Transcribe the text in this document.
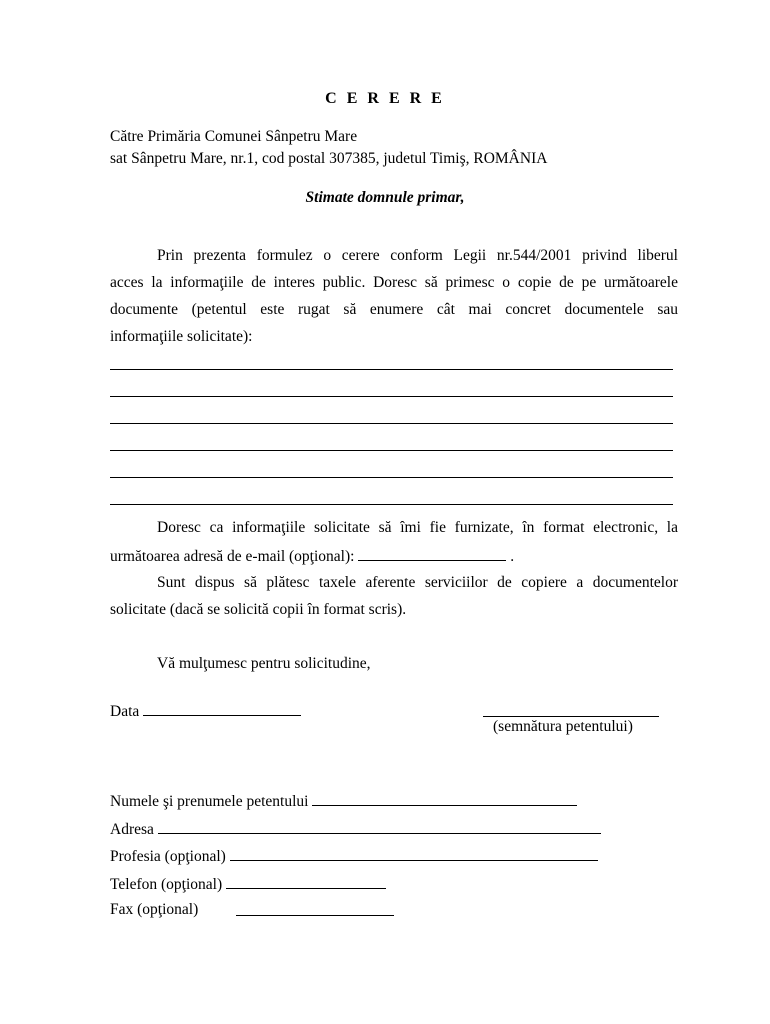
C E R E R E
Către Primăria Comunei Sânpetru Mare
sat Sânpetru Mare, nr.1, cod postal 307385, judetul Timiş, ROMÂNIA
Stimate domnule primar,
Prin prezenta formulez o cerere conform Legii nr.544/2001 privind liberul
acces la informaţiile de interes public. Doresc să primesc o copie de pe următoarele
documente (petentul este rugat să enumere cât mai concret documentele sau
informaţiile solicitate):
Doresc ca informaţiile solicitate să îmi fie furnizate, în format electronic, la
următoarea adresă de e-mail (opţional):	.
Sunt dispus să plătesc taxele aferente serviciilor de copiere a documentelor
solicitate (dacă se solicită copii în format scris).
Vă mulţumesc pentru solicitudine,
Data
(semnătura petentului)
Numele şi prenumele petentului
Adresa
Profesia (opţional)
Telefon (opţional)
Fax (opţional)
